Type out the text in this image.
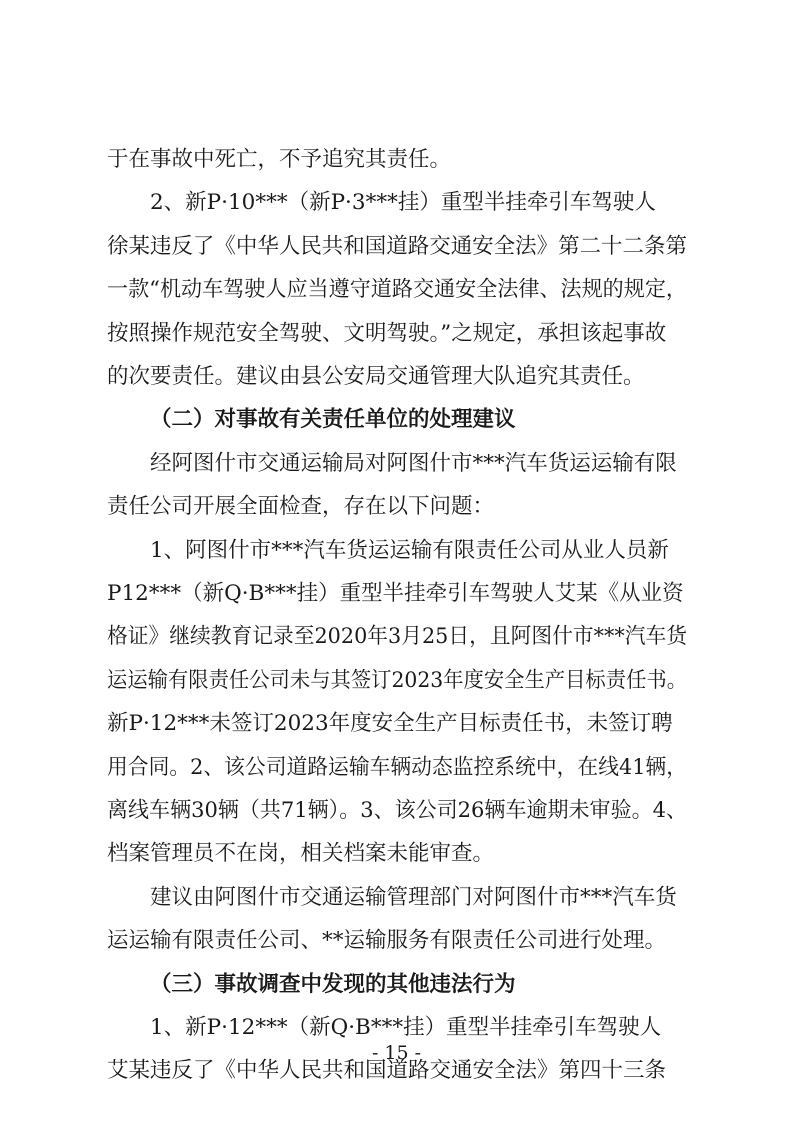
于在事故中死亡，不予追究其责任。
2、新P·10***（新P·3***挂）重型半挂牵引车驾驶人
徐某违反了《中华人民共和国道路交通安全法》第二十二条第
一款“机动车驾驶人应当遵守道路交通安全法律、法规的规定，
按照操作规范安全驾驶、文明驾驶。”之规定，承担该起事故
的次要责任。建议由县公安局交通管理大队追究其责任。
（二）对事故有关责任单位的处理建议
经阿图什市交通运输局对阿图什市***汽车货运运输有限
责任公司开展全面检查，存在以下问题：
1、阿图什市***汽车货运运输有限责任公司从业人员新
P12***（新Q·B***挂）重型半挂牵引车驾驶人艾某《从业资
格证》继续教育记录至2020年3月25日，且阿图什市***汽车货
运运输有限责任公司未与其签订2023年度安全生产目标责任书。
新P·12***未签订2023年度安全生产目标责任书，未签订聘
用合同。2、该公司道路运输车辆动态监控系统中，在线41辆，
离线车辆30辆（共71辆）。3、该公司26辆车逾期未审验。4、
档案管理员不在岗，相关档案未能审查。
建议由阿图什市交通运输管理部门对阿图什市***汽车货
运运输有限责任公司、**运输服务有限责任公司进行处理。
（三）事故调查中发现的其他违法行为
1、新P·12***（新Q·B***挂）重型半挂牵引车驾驶人
艾某违反了《中华人民共和国道路交通安全法》第四十三条
- 15 -
